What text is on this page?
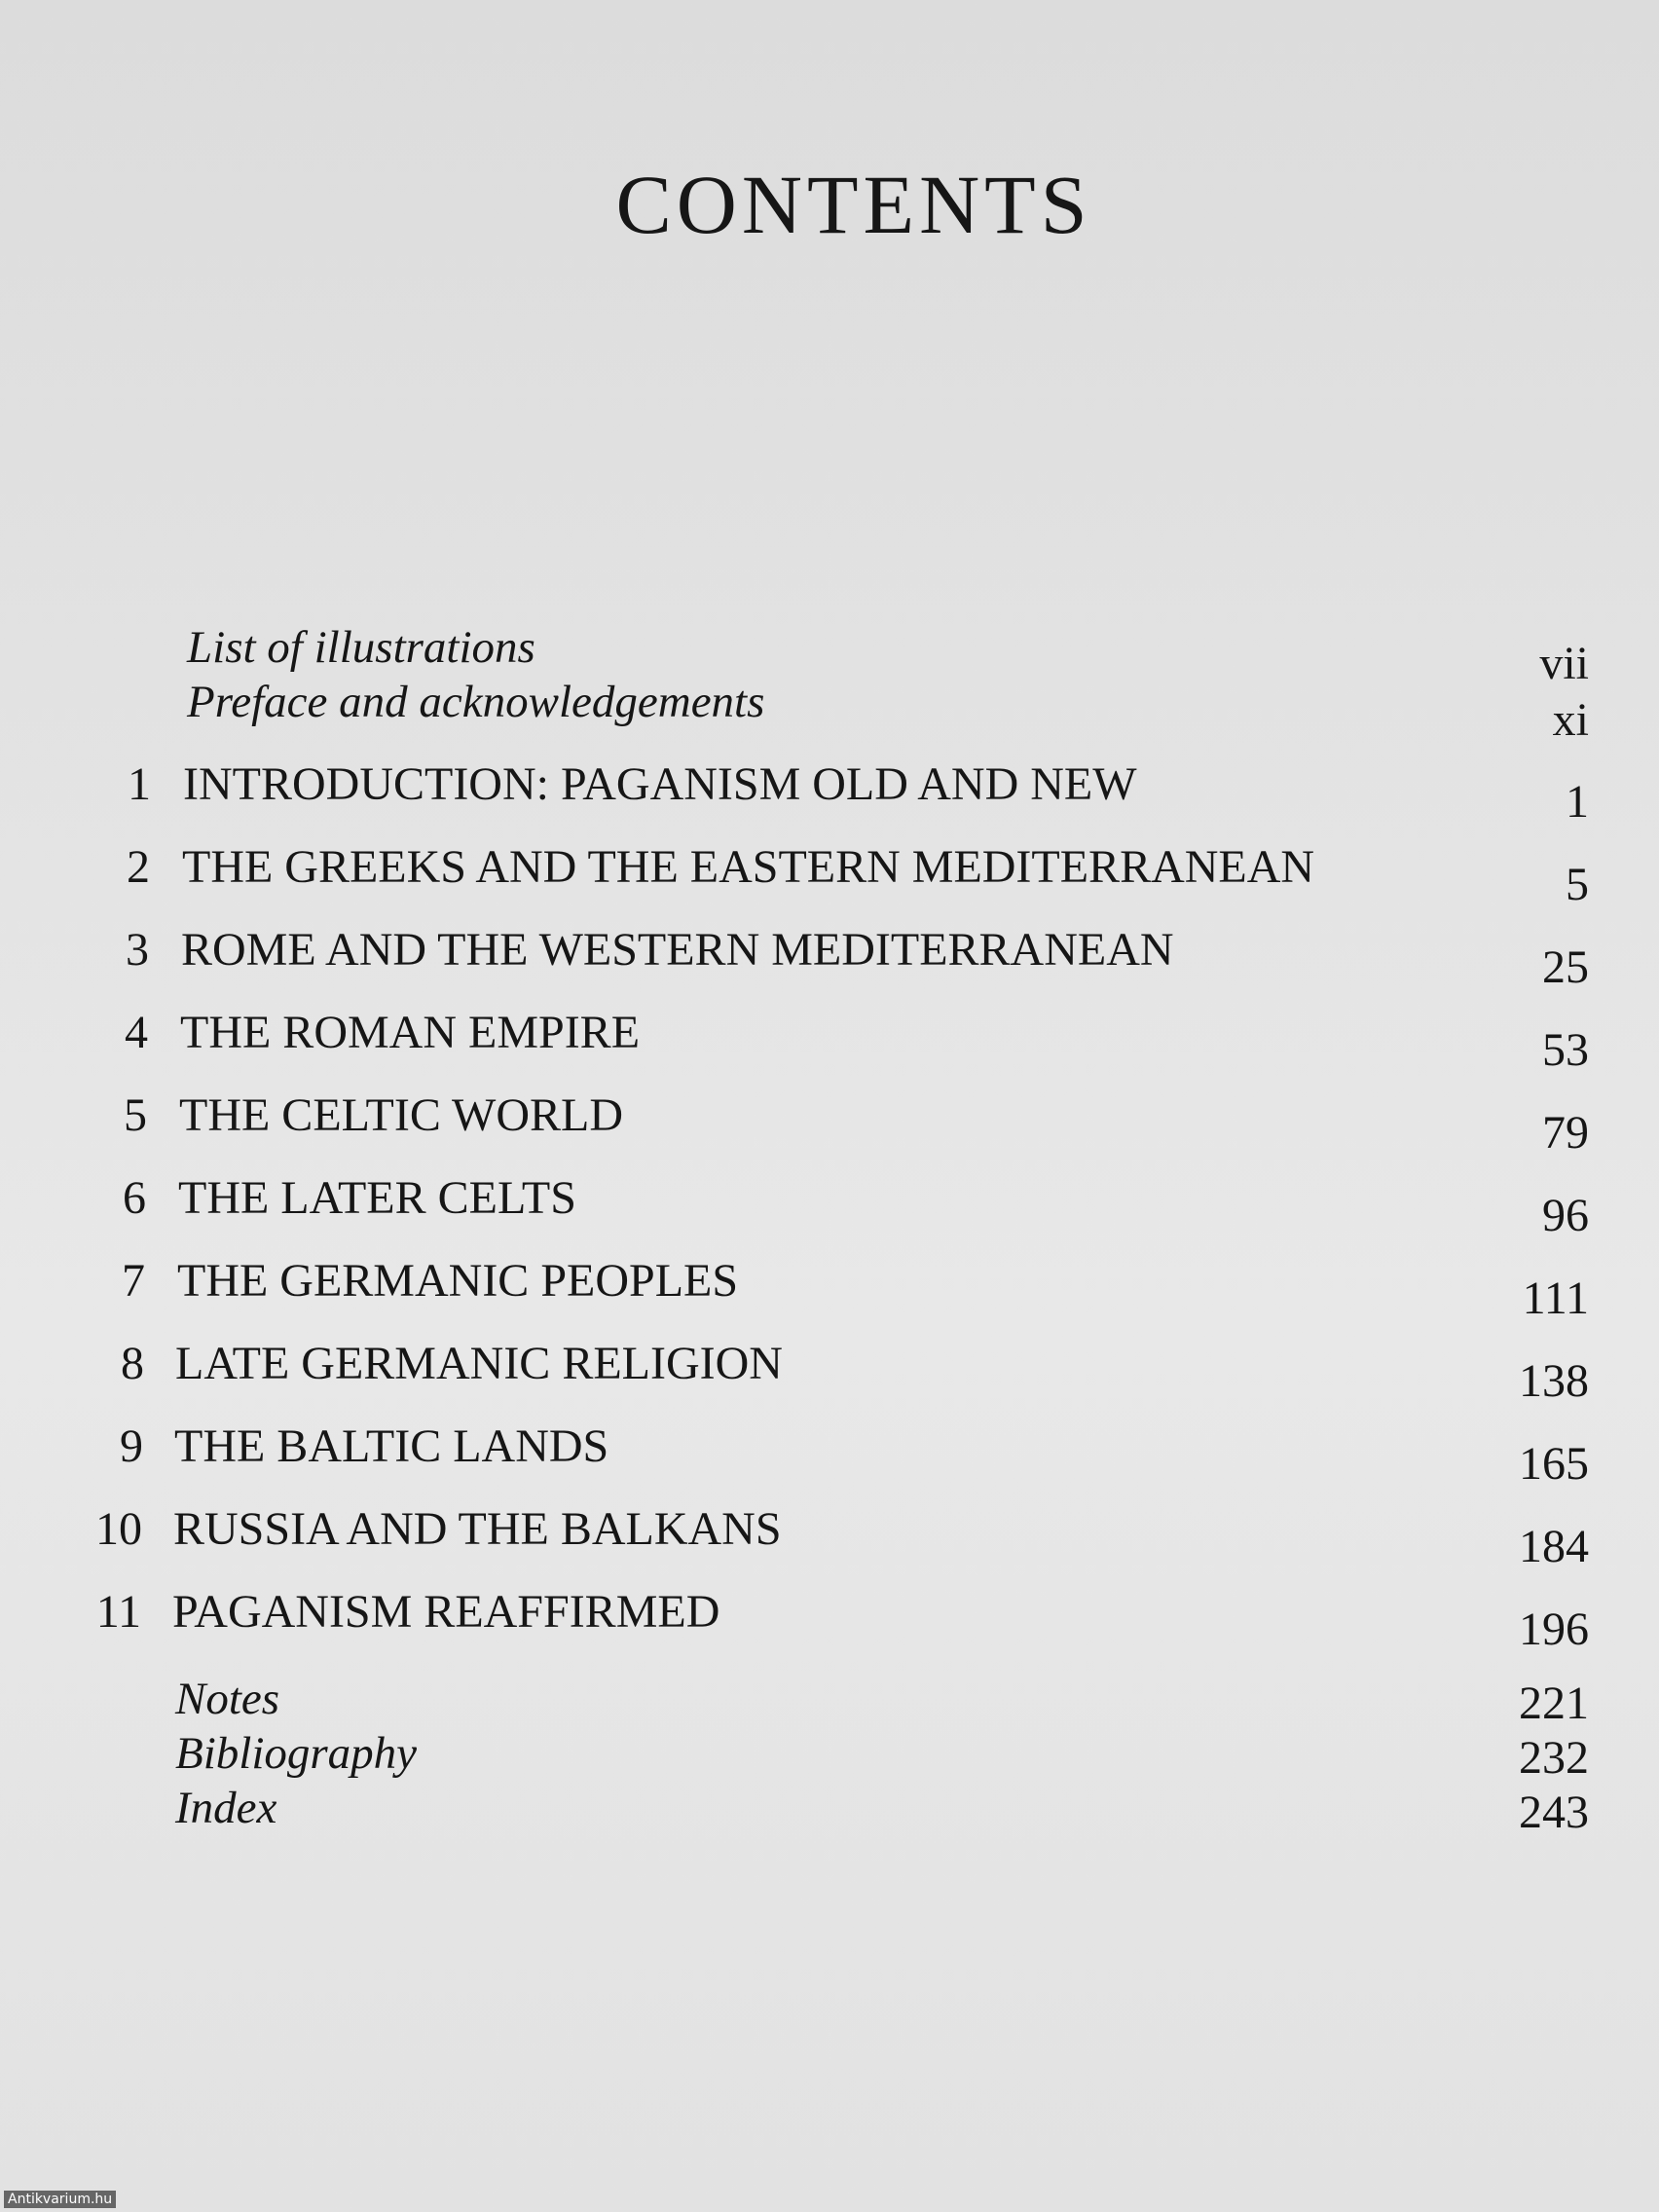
CONTENTS
List of illustrations	vii
Preface and acknowledgements	xi
1 INTRODUCTION: PAGANISM OLD AND NEW	1
2 THE GREEKS AND THE EASTERN MEDITERRANEAN	5
3 ROME AND THE WESTERN MEDITERRANEAN	25
4 THE ROMAN EMPIRE	53
5 THE CELTIC WORLD	79
6 THE LATER CELTS	96
7 THE GERMANIC PEOPLES	111
8 LATE GERMANIC RELIGION	138
9 THE BALTIC LANDS	165
10 RUSSIA AND THE BALKANS	184
11 PAGANISM REAFFIRMED	196
Notes	221
Bibliography	232
Index	243
Antikvarium.hu
